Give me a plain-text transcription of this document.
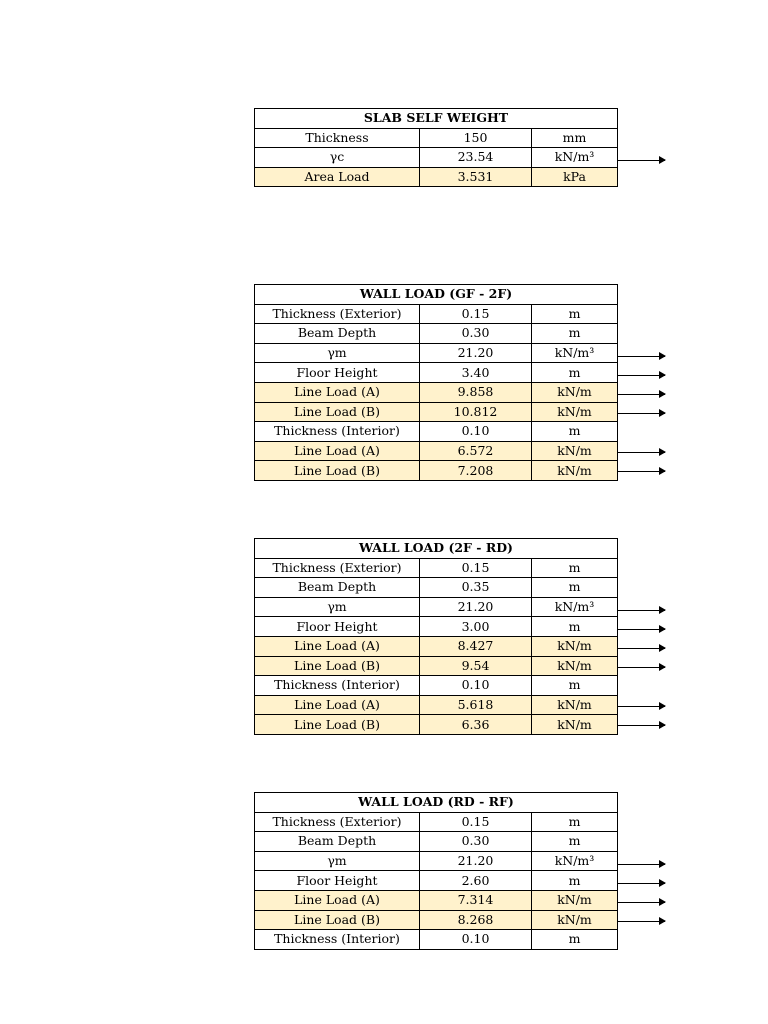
SLAB SELF WEIGHT		
Thickness	150	mm
γc	23.54	kN/m³
Area Load	3.531	kPa
WALL LOAD (GF - 2F)		
Thickness (Exterior)	0.15	m
Beam Depth	0.30	m
γm	21.20	kN/m³
Floor Height	3.40	m
Line Load (A)	9.858	kN/m
Line Load (B)	10.812	kN/m
Thickness (Interior)	0.10	m
Line Load (A)	6.572	kN/m
Line Load (B)	7.208	kN/m
WALL LOAD (2F - RD)		
Thickness (Exterior)	0.15	m
Beam Depth	0.35	m
γm	21.20	kN/m³
Floor Height	3.00	m
Line Load (A)	8.427	kN/m
Line Load (B)	9.54	kN/m
Thickness (Interior)	0.10	m
Line Load (A)	5.618	kN/m
Line Load (B)	6.36	kN/m
WALL LOAD (RD - RF)		
Thickness (Exterior)	0.15	m
Beam Depth	0.30	m
γm	21.20	kN/m³
Floor Height	2.60	m
Line Load (A)	7.314	kN/m
Line Load (B)	8.268	kN/m
Thickness (Interior)	0.10	m
